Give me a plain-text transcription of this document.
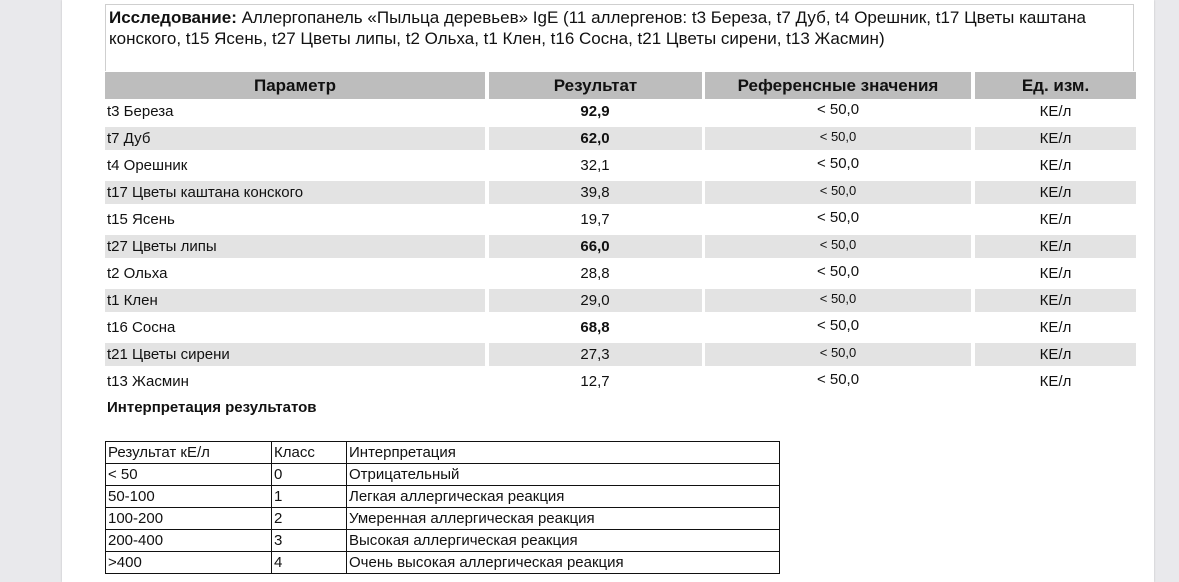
Исследование: Аллергопанель «Пыльца деревьев» IgE (11 аллергенов: t3 Береза, t7 Дуб, t4 Орешник, t17 Цветы каштана конского, t15 Ясень, t27 Цветы липы, t2 Ольха, t1 Клен, t16 Сосна, t21 Цветы сирени, t13 Жасмин)
Параметр	Результат	Референсные значения	Ед. изм.
t3 Береза	92,9	< 50,0	КЕ/л
t7 Дуб	62,0	< 50,0	КЕ/л
t4 Орешник	32,1	< 50,0	КЕ/л
t17 Цветы каштана конского	39,8	< 50,0	КЕ/л
t15 Ясень	19,7	< 50,0	КЕ/л
t27 Цветы липы	66,0	< 50,0	КЕ/л
t2 Ольха	28,8	< 50,0	КЕ/л
t1 Клен	29,0	< 50,0	КЕ/л
t16 Сосна	68,8	< 50,0	КЕ/л
t21 Цветы сирени	27,3	< 50,0	КЕ/л
t13 Жасмин	12,7	< 50,0	КЕ/л
Интерпретация результатов
Результат кЕ/л	Класс	Интерпретация
< 50	0	Отрицательный
50-100	1	Легкая аллергическая реакция
100-200	2	Умеренная аллергическая реакция
200-400	3	Высокая аллергическая реакция
>400	4	Очень высокая аллергическая реакция
